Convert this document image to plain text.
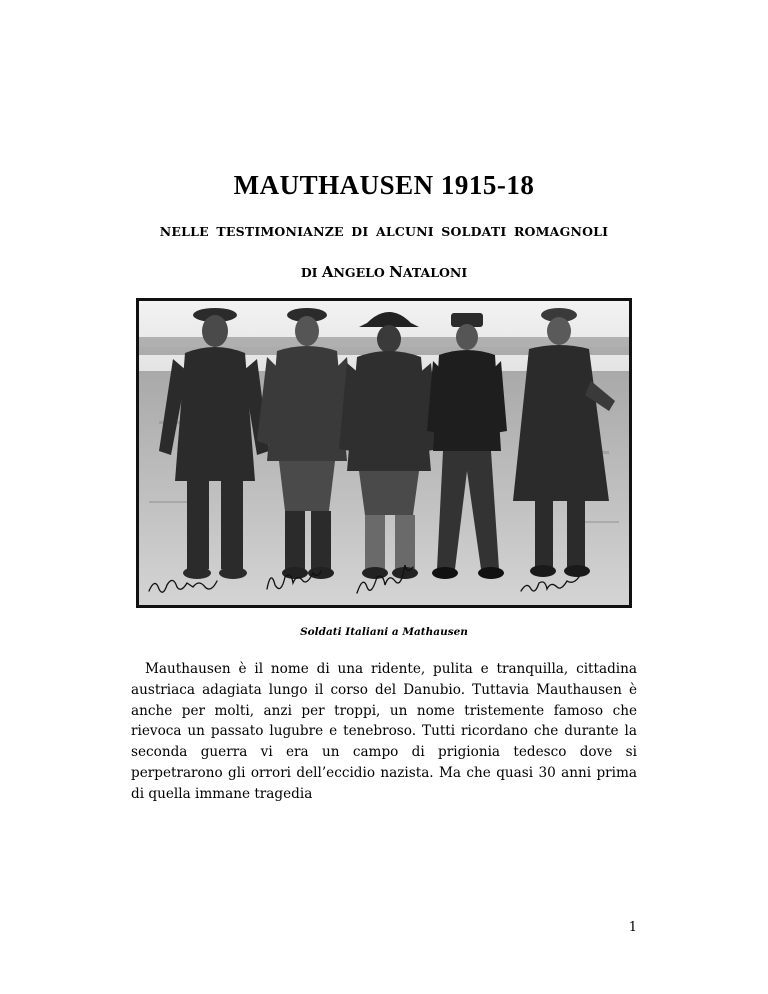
MAUTHAUSEN 1915-18
NELLE TESTIMONIANZE DI ALCUNI SOLDATI ROMAGNOLI
DI ANGELO NATALONI
Soldati Italiani a Mathausen

Mauthausen è il nome di una ridente, pulita e tranquilla, cittadina austriaca adagiata lungo il corso del Danubio. Tuttavia Mauthausen è anche per molti, anzi per troppi, un nome tristemente famoso che rievoca un passato lugubre e tenebroso. Tutti ricordano che durante la seconda guerra vi era un campo di prigionia tedesco dove si perpetrarono gli orrori dell’eccidio nazista. Ma che quasi 30 anni prima di quella immane tragedia

1
